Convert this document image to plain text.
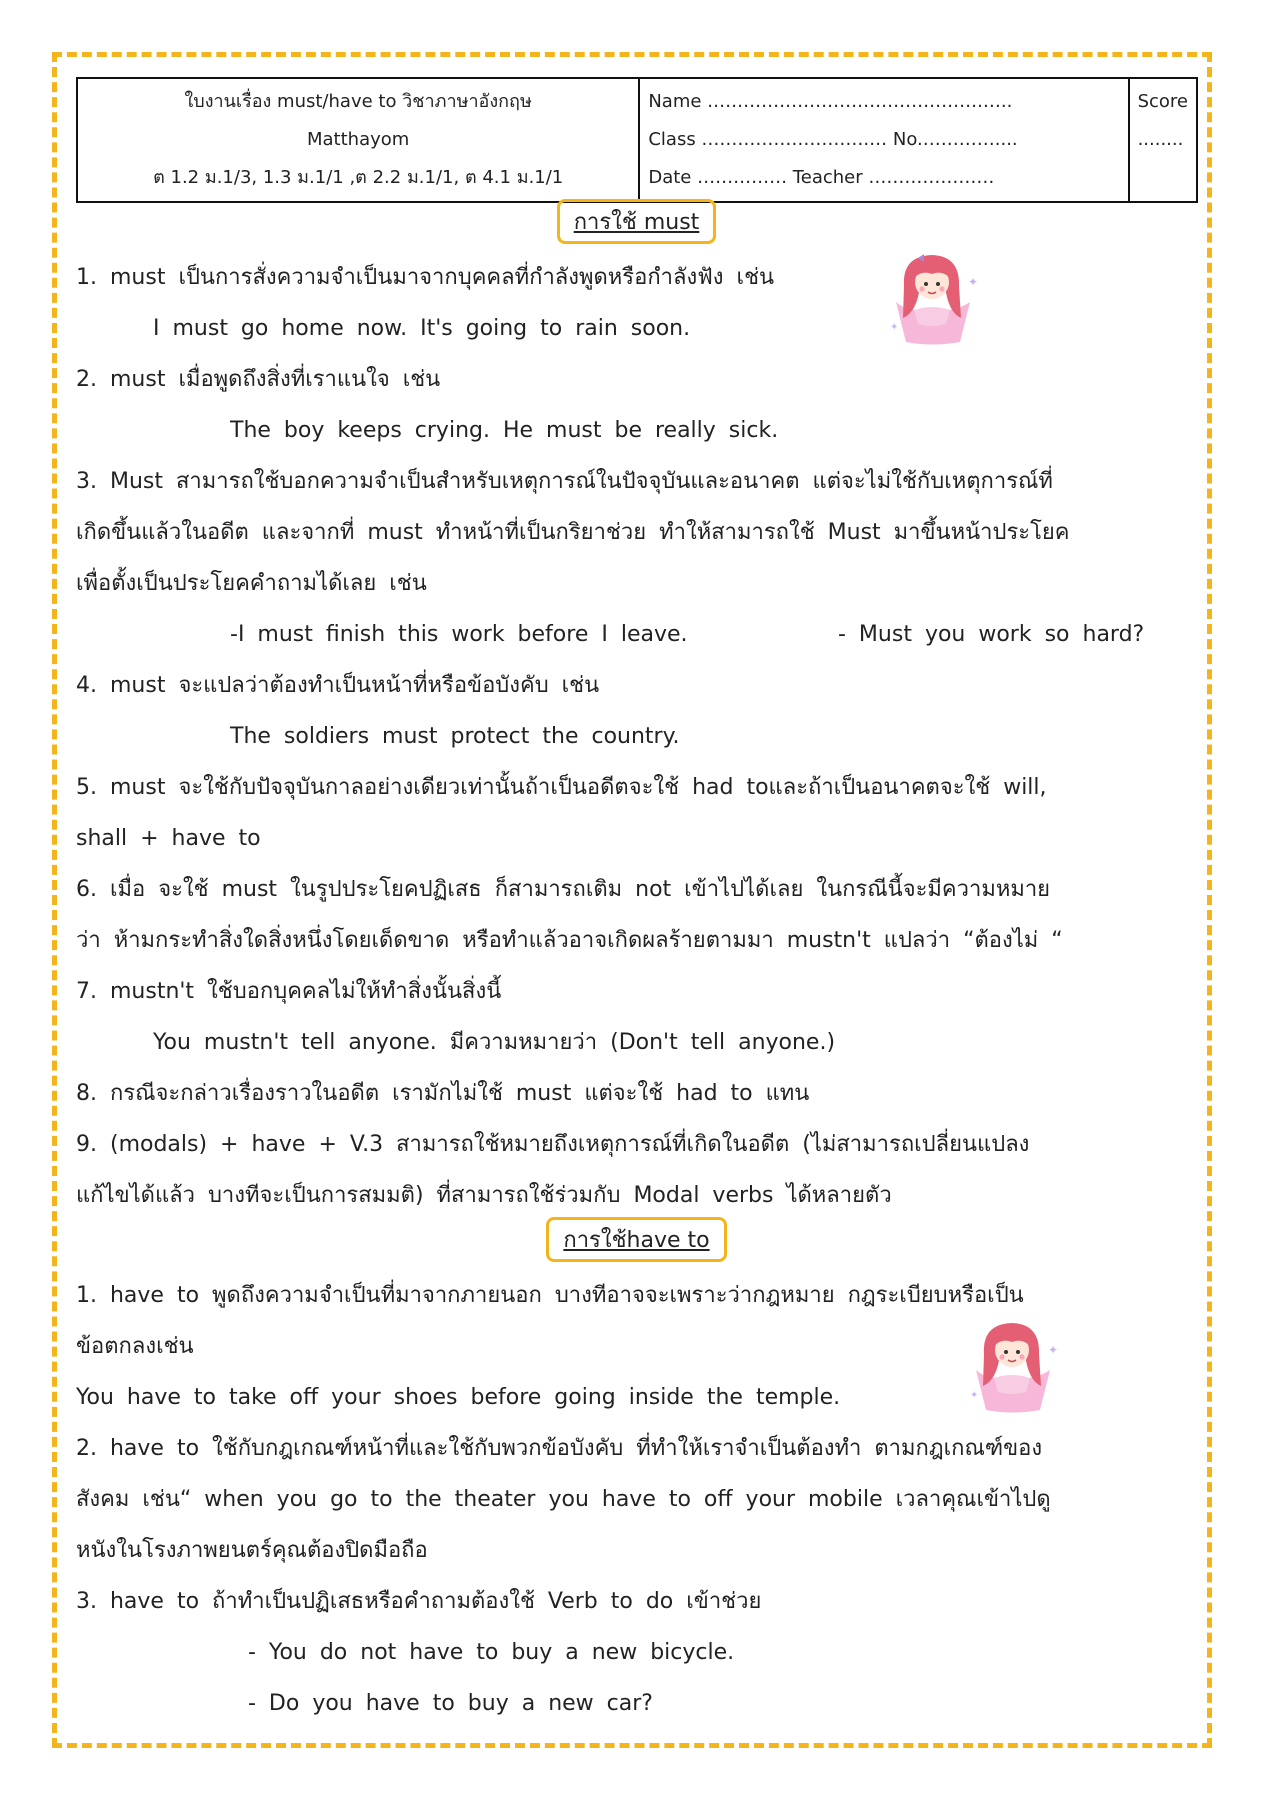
ใบงานเรื่อง must/have to วิชาภาษาอังกฤษ
Matthayom
ต 1.2 ม.1/3, 1.3 ม.1/1 ,ต 2.2 ม.1/1, ต 4.1 ม.1/1

Name ……………………………………….…..
Class ……………………….… No.…………....
Date …………… Teacher …………………

Score
........
การใช้ must
1. must เป็นการสั่งความจำเป็นมาจากบุคคลที่กำลังพูดหรือกำลังฟัง เช่น
I must go home now. It's going to rain soon.
2. must เมื่อพูดถึงสิ่งที่เราแนใจ เช่น
The boy keeps crying. He must be really sick.
3. Must สามารถใช้บอกความจำเป็นสำหรับเหตุการณ์ในปัจจุบันและอนาคต แต่จะไม่ใช้กับเหตุการณ์ที่
เกิดขึ้นแล้วในอดีต และจากที่ must ทำหน้าที่เป็นกริยาช่วย ทำให้สามารถใช้ Must มาขึ้นหน้าประโยค
เพื่อตั้งเป็นประโยคคำถามได้เลย เช่น
-I must finish this work before I leave.	- Must you work so hard?
4. must จะแปลว่าต้องทำเป็นหน้าที่หรือข้อบังคับ เช่น
The soldiers must protect the country.
5. must จะใช้กับปัจจุบันกาลอย่างเดียวเท่านั้นถ้าเป็นอดีตจะใช้ had toและถ้าเป็นอนาคตจะใช้ will,
shall + have to
6. เมื่อ จะใช้ must ในรูปประโยคปฏิเสธ ก็สามารถเติม not เข้าไปได้เลย ในกรณีนี้จะมีความหมาย
ว่า ห้ามกระทำสิ่งใดสิ่งหนึ่งโดยเด็ดขาด หรือทำแล้วอาจเกิดผลร้ายตามมา mustn't แปลว่า “ต้องไม่ “
7. mustn't ใช้บอกบุคคลไม่ให้ทำสิ่งนั้นสิ่งนี้
You mustn't tell anyone. มีความหมายว่า (Don't tell anyone.)
8. กรณีจะกล่าวเรื่องราวในอดีต เรามักไม่ใช้ must แต่จะใช้ had to แทน
9. (modals) + have + V.3 สามารถใช้หมายถึงเหตุการณ์ที่เกิดในอดีต (ไม่สามารถเปลี่ยนแปลง
แก้ไขได้แล้ว บางทีจะเป็นการสมมติ) ที่สามารถใช้ร่วมกับ Modal verbs ได้หลายตัว
การใช้have to
1. have to พูดถึงความจำเป็นที่มาจากภายนอก บางทีอาจจะเพราะว่ากฎหมาย กฎระเบียบหรือเป็น
ข้อตกลงเช่น
You have to take off your shoes before going inside the temple.
2. have to ใช้กับกฎเกณฑ์หน้าที่และใช้กับพวกข้อบังคับ ที่ทำให้เราจำเป็นต้องทำ ตามกฎเกณฑ์ของ
สังคม เช่น“ when you go to the theater you have to off your mobile เวลาคุณเข้าไปดู
หนังในโรงภาพยนตร์คุณต้องปิดมือถือ
3. have to ถ้าทำเป็นปฏิเสธหรือคำถามต้องใช้ Verb to do เข้าช่วย
- You do not have to buy a new bicycle.
- Do you have to buy a new car?
✦
✦
✦
✦
